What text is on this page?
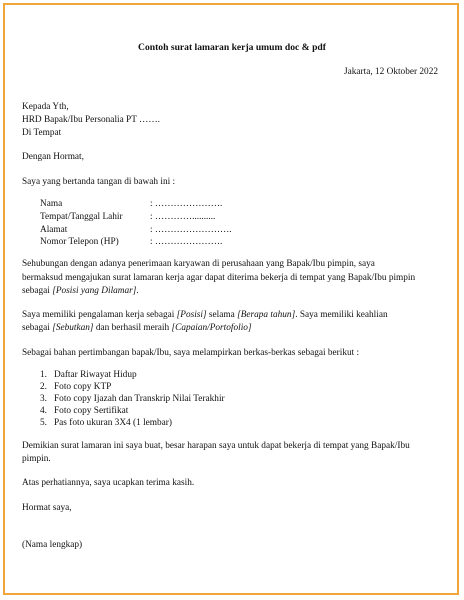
Contoh surat lamaran kerja umum doc & pdf
Jakarta, 12 Oktober 2022
Kepada Yth,
HRD Bapak/Ibu Personalia PT …….
Di Tempat
Dengan Hormat,
Saya yang bertanda tangan di bawah ini :
Nama	: ………………….
Tempat/Tanggal Lahir	: …………..........
Alamat	: …………………….
Nomor Telepon (HP)	: ………………….
Sehubungan dengan adanya penerimaan karyawan di perusahaan yang Bapak/Ibu pimpin, saya
bermaksud mengajukan surat lamaran kerja agar dapat diterima bekerja di tempat yang Bapak/Ibu pimpin
sebagai [Posisi yang Dilamar].
Saya memiliki pengalaman kerja sebagai [Posisi] selama [Berapa tahun]. Saya memiliki keahlian
sebagai [Sebutkan] dan berhasil meraih [Capaian/Portofolio]
Sebagai bahan pertimbangan bapak/Ibu, saya melampirkan berkas-berkas sebagai berikut :
1. Daftar Riwayat Hidup
2. Foto copy KTP
3. Foto copy Ijazah dan Transkrip Nilai Terakhir
4. Foto copy Sertifikat
5. Pas foto ukuran 3X4 (1 lembar)
Demikian surat lamaran ini saya buat, besar harapan saya untuk dapat bekerja di tempat yang Bapak/Ibu
pimpin.
Atas perhatiannya, saya ucapkan terima kasih.
Hormat saya,
(Nama lengkap)
